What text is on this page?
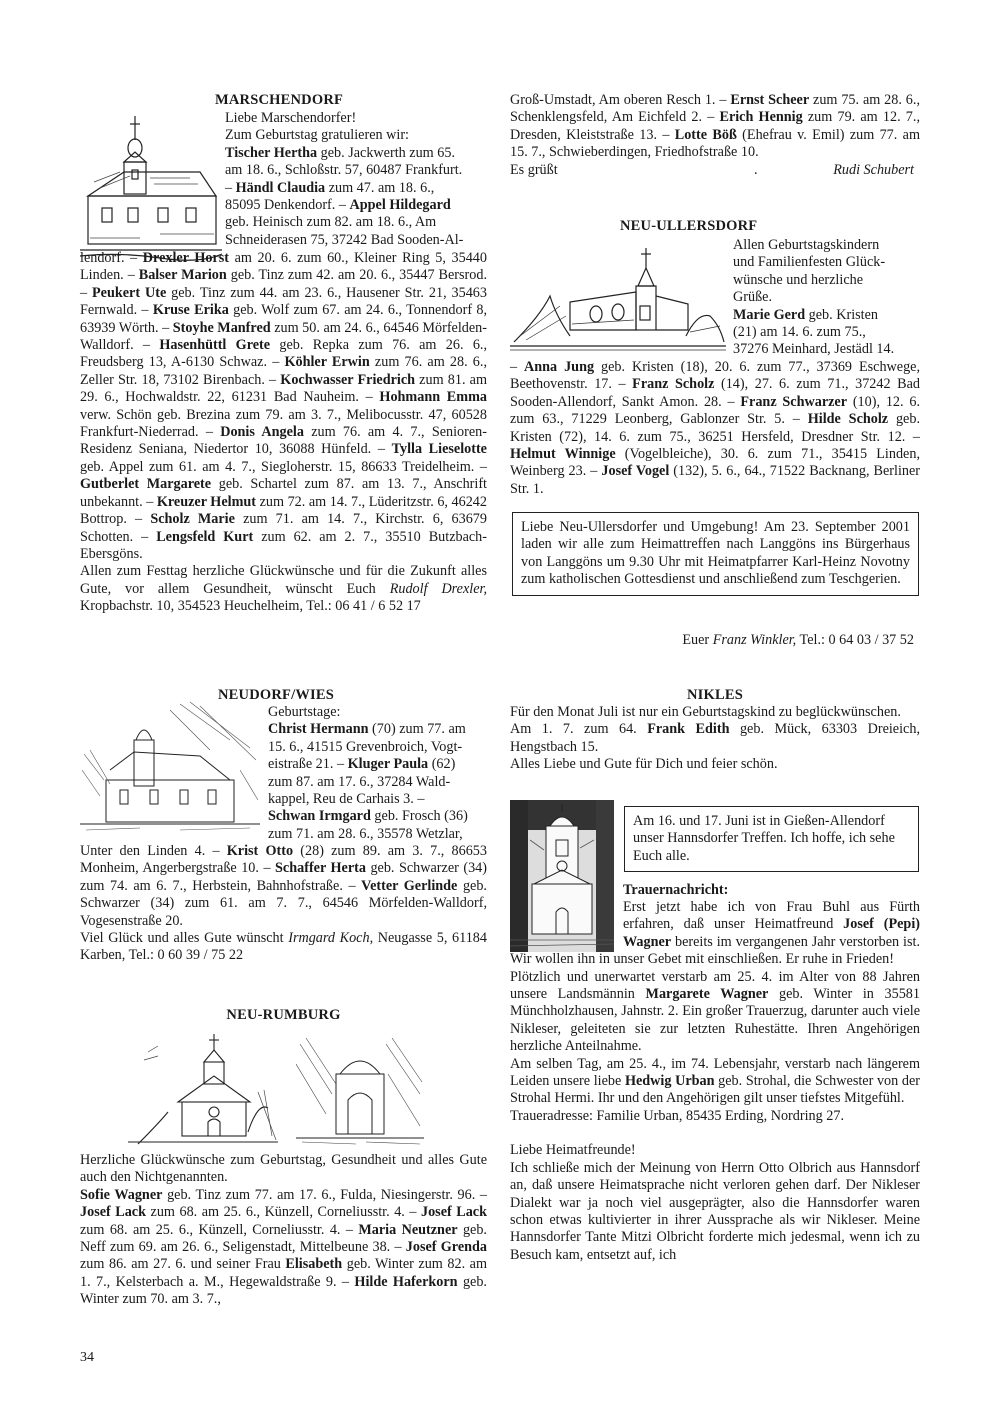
MARSCHENDORF

Liebe Marschendorfer!

Zum Geburtstag gratulieren wir:

Tischer Hertha geb. Jackwerth zum 65.

am 18. 6., Schloßstr. 57, 60487 Frankfurt.

– Händl Claudia zum 47. am 18. 6.,

85095 Denkendorf. – Appel Hildegard

geb. Heinisch zum 82. am 18. 6., Am

Schneiderasen 75, 37242 Bad Sooden-Al-

lendorf. – Drexler Horst am 20. 6. zum 60., Kleiner Ring 5, 35440 Linden. – Balser Marion geb. Tinz zum 42. am 20. 6., 35447 Bersrod. – Peukert Ute geb. Tinz zum 44. am 23. 6., Hausener Str. 21, 35463 Fernwald. – Kruse Erika geb. Wolf zum 67. am 24. 6., Tonnendorf 8, 63939 Wörth. – Stoyhe Manfred zum 50. am 24. 6., 64546 Mörfelden-Walldorf. – Hasenhüttl Grete geb. Repka zum 76. am 26. 6., Freudsberg 13, A-6130 Schwaz. – Köhler Erwin zum 76. am 28. 6., Zeller Str. 18, 73102 Birenbach. – Kochwasser Friedrich zum 81. am 29. 6., Hochwaldstr. 22, 61231 Bad Nauheim. – Hohmann Emma verw. Schön geb. Brezina zum 79. am 3. 7., Melibocusstr. 47, 60528 Frankfurt-Niederrad. – Donis Angela zum 76. am 4. 7., Senioren-Residenz Seniana, Niedertor 10, 36088 Hünfeld. – Tylla Lieselotte geb. Appel zum 61. am 4. 7., Siegloherstr. 15, 86633 Treidelheim. – Gutberlet Margarete geb. Schartel zum 87. am 13. 7., Anschrift unbekannt. – Kreuzer Helmut zum 72. am 14. 7., Lüderitzstr. 6, 46242 Bottrop. – Scholz Marie zum 71. am 14. 7., Kirchstr. 6, 63679 Schotten. – Lengsfeld Kurt zum 62. am 2. 7., 35510 Butzbach-Ebersgöns.

Allen zum Festtag herzliche Glückwünsche und für die Zukunft alles Gute, vor allem Gesundheit, wünscht Euch Rudolf Drexler, Kropbachstr. 10, 354523 Heuchelheim, Tel.: 06 41 / 6 52 17

Groß-Umstadt, Am oberen Resch 1. – Ernst Scheer zum 75. am 28. 6., Schenklengsfeld, Am Eichfeld 2. – Erich Hennig zum 79. am 12. 7., Dresden, Kleiststraße 13. – Lotte Böß (Ehefrau v. Emil) zum 77. am 15. 7., Schwieberdingen, Friedhofstraße 10.

Es grüßt	.	Rudi Schubert

NEU-ULLERSDORF

Allen Geburtstagskindern

und Familienfesten Glück-

wünsche und herzliche

Grüße.

Marie Gerd geb. Kristen

(21) am 14. 6. zum 75.,

37276 Meinhard, Jestädl 14.

– Anna Jung geb. Kristen (18), 20. 6. zum 77., 37369 Eschwege, Beethovenstr. 17. – Franz Scholz (14), 27. 6. zum 71., 37242 Bad Sooden-Allendorf, Sankt Amon. 28. – Franz Schwarzer (10), 12. 6. zum 63., 71229 Leonberg, Gablonzer Str. 5. – Hilde Scholz geb. Kristen (72), 14. 6. zum 75., 36251 Hersfeld, Dresdner Str. 12. – Helmut Winnige (Vogelbleiche), 30. 6. zum 71., 35415 Linden, Weinberg 23. – Josef Vogel (132), 5. 6., 64., 71522 Backnang, Berliner Str. 1.

Liebe Neu-Ullersdorfer und Umgebung! Am 23. September 2001 laden wir alle zum Heimattreffen nach Langgöns ins Bürgerhaus von Langgöns um 9.30 Uhr mit Heimatpfarrer Karl-Heinz Novotny zum katholischen Gottesdienst und anschließend zum Teschgerien.

Euer Franz Winkler, Tel.: 0 64 03 / 37 52

NEUDORF/WIES

Geburtstage:

Christ Hermann (70) zum 77. am

15. 6., 41515 Grevenbroich, Vogt-

eistraße 21. – Kluger Paula (62)

zum 87. am 17. 6., 37284 Wald-

kappel, Reu de Carhais 3. –

Schwan Irmgard geb. Frosch (36)

zum 71. am 28. 6., 35578 Wetzlar,

Unter den Linden 4. – Krist Otto (28) zum 89. am 3. 7., 86653 Monheim, Angerbergstraße 10. – Schaffer Herta geb. Schwarzer (34) zum 74. am 6. 7., Herbstein, Bahnhofstraße. – Vetter Gerlinde geb. Schwarzer (34) zum 61. am 7. 7., 64546 Mörfelden-Walldorf, Vogesenstraße 20.

Viel Glück und alles Gute wünscht Irmgard Koch, Neugasse 5, 61184 Karben, Tel.: 0 60 39 / 75 22

NEU-RUMBURG

Herzliche Glückwünsche zum Geburtstag, Gesundheit und alles Gute auch den Nichtgenannten.

Sofie Wagner geb. Tinz zum 77. am 17. 6., Fulda, Niesingerstr. 96. – Josef Lack zum 68. am 25. 6., Künzell, Corneliusstr. 4. – Josef Lack zum 68. am 25. 6., Künzell, Corneliusstr. 4. – Maria Neutzner geb. Neff zum 69. am 26. 6., Seligenstadt, Mittelbeune 38. – Josef Grenda zum 86. am 27. 6. und seiner Frau Elisabeth geb. Winter zum 82. am 1. 7., Kelsterbach a. M., Hegewaldstraße 9. – Hilde Haferkorn geb. Winter zum 70. am 3. 7.,

NIKLES

Für den Monat Juli ist nur ein Geburtstagskind zu beglückwünschen.

Am 1. 7. zum 64. Frank Edith geb. Mück, 63303 Dreieich, Hengstbach 15.

Alles Liebe und Gute für Dich und feier schön.

Am 16. und 17. Juni ist in Gießen-Allendorf unser Hannsdorfer Treffen. Ich hoffe, ich sehe Euch alle.

Trauernachricht:

Erst jetzt habe ich von Frau Buhl aus Fürth erfahren, daß unser Heimatfreund Josef (Pepi) Wagner bereits im vergangenen Jahr verstorben ist. Wir wollen ihn in unser Gebet mit einschließen. Er ruhe in Frieden!

Plötzlich und unerwartet verstarb am 25. 4. im Alter von 88 Jahren unsere Landsmännin Margarete Wagner geb. Winter in 35581 Münchholzhausen, Jahnstr. 2. Ein großer Trauerzug, darunter auch viele Nikleser, geleiteten sie zur letzten Ruhestätte. Ihren Angehörigen herzliche Anteilnahme.

Am selben Tag, am 25. 4., im 74. Lebensjahr, verstarb nach längerem Leiden unsere liebe Hedwig Urban geb. Strohal, die Schwester von der Strohal Hermi. Ihr und den Angehörigen gilt unser tiefstes Mitgefühl.

Traueradresse: Familie Urban, 85435 Erding, Nordring 27.

Liebe Heimatfreunde!

Ich schließe mich der Meinung von Herrn Otto Olbrich aus Hannsdorf an, daß unsere Heimatsprache nicht verloren gehen darf. Der Nikleser Dialekt war ja noch viel ausgeprägter, also die Hannsdorfer waren schon etwas kultivierter in ihrer Aussprache als wir Nikleser. Meine Hannsdorfer Tante Mitzi Olbricht forderte mich jedesmal, wenn ich zu Besuch kam, entsetzt auf, ich

34
